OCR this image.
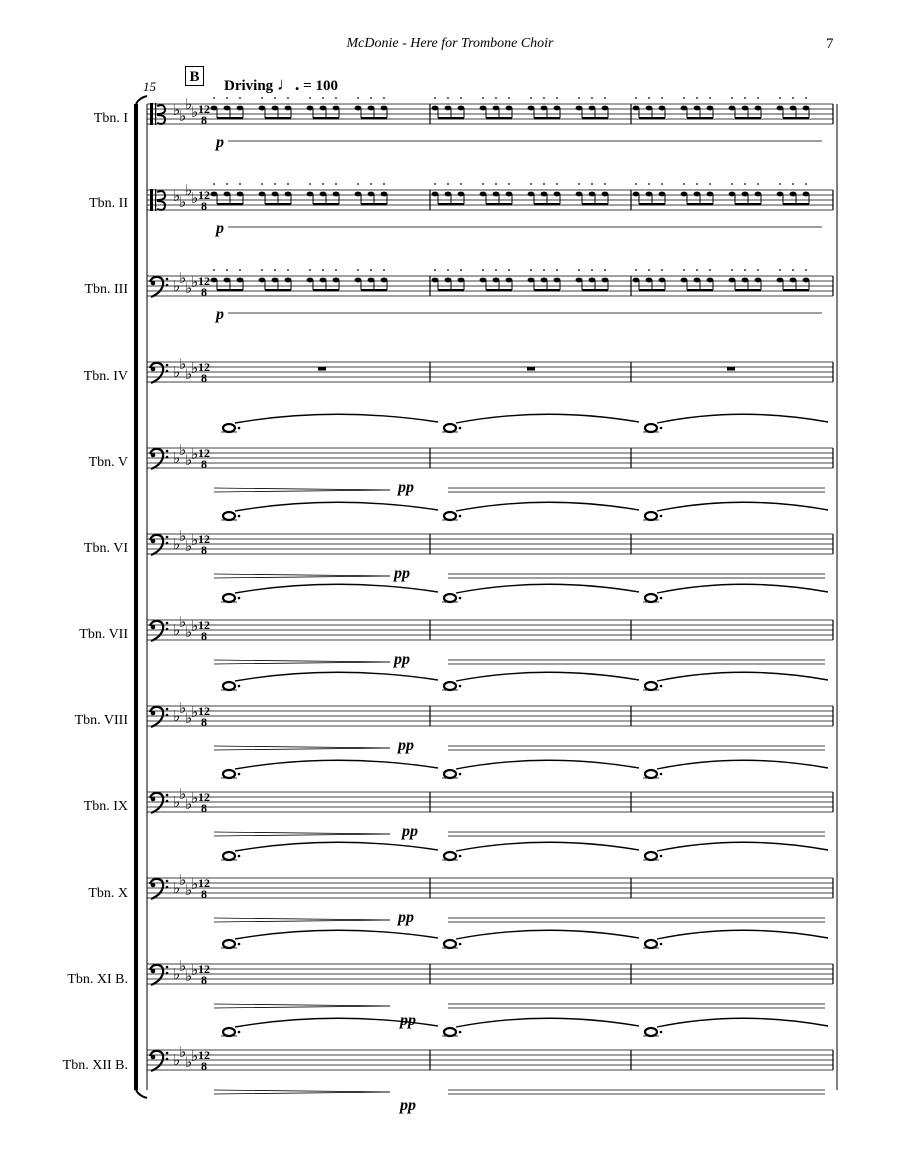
McDonie - Here for Trombone Choir	7
15
B
Driving ♩. = 100
Tbn. I
Tbn. II
Tbn. III
Tbn. IV
Tbn. V
Tbn. VI
Tbn. VII
Tbn. VIII
Tbn. IX
Tbn. X
Tbn. XI B.
Tbn. XII B.
p
p
p
pp
pp
pp
pp
pp
pp
pp
pp
♭
♭
♭
♭ 12
8
♭
♭
♭
♭ 12
8
♭
♭
♭
♭ 12
8
♭
♭
♭
♭ 12
8
♭
♭
♭
♭ 12
8
♭
♭
♭
♭ 12
8
♭
♭
♭
♭ 12
8
♭
♭
♭
♭ 12
8
♭
♭
♭
♭ 12
8
♭
♭
♭
♭ 12
8
♭
♭
♭
♭ 12
8
♭
♭
♭
♭ 12
8
